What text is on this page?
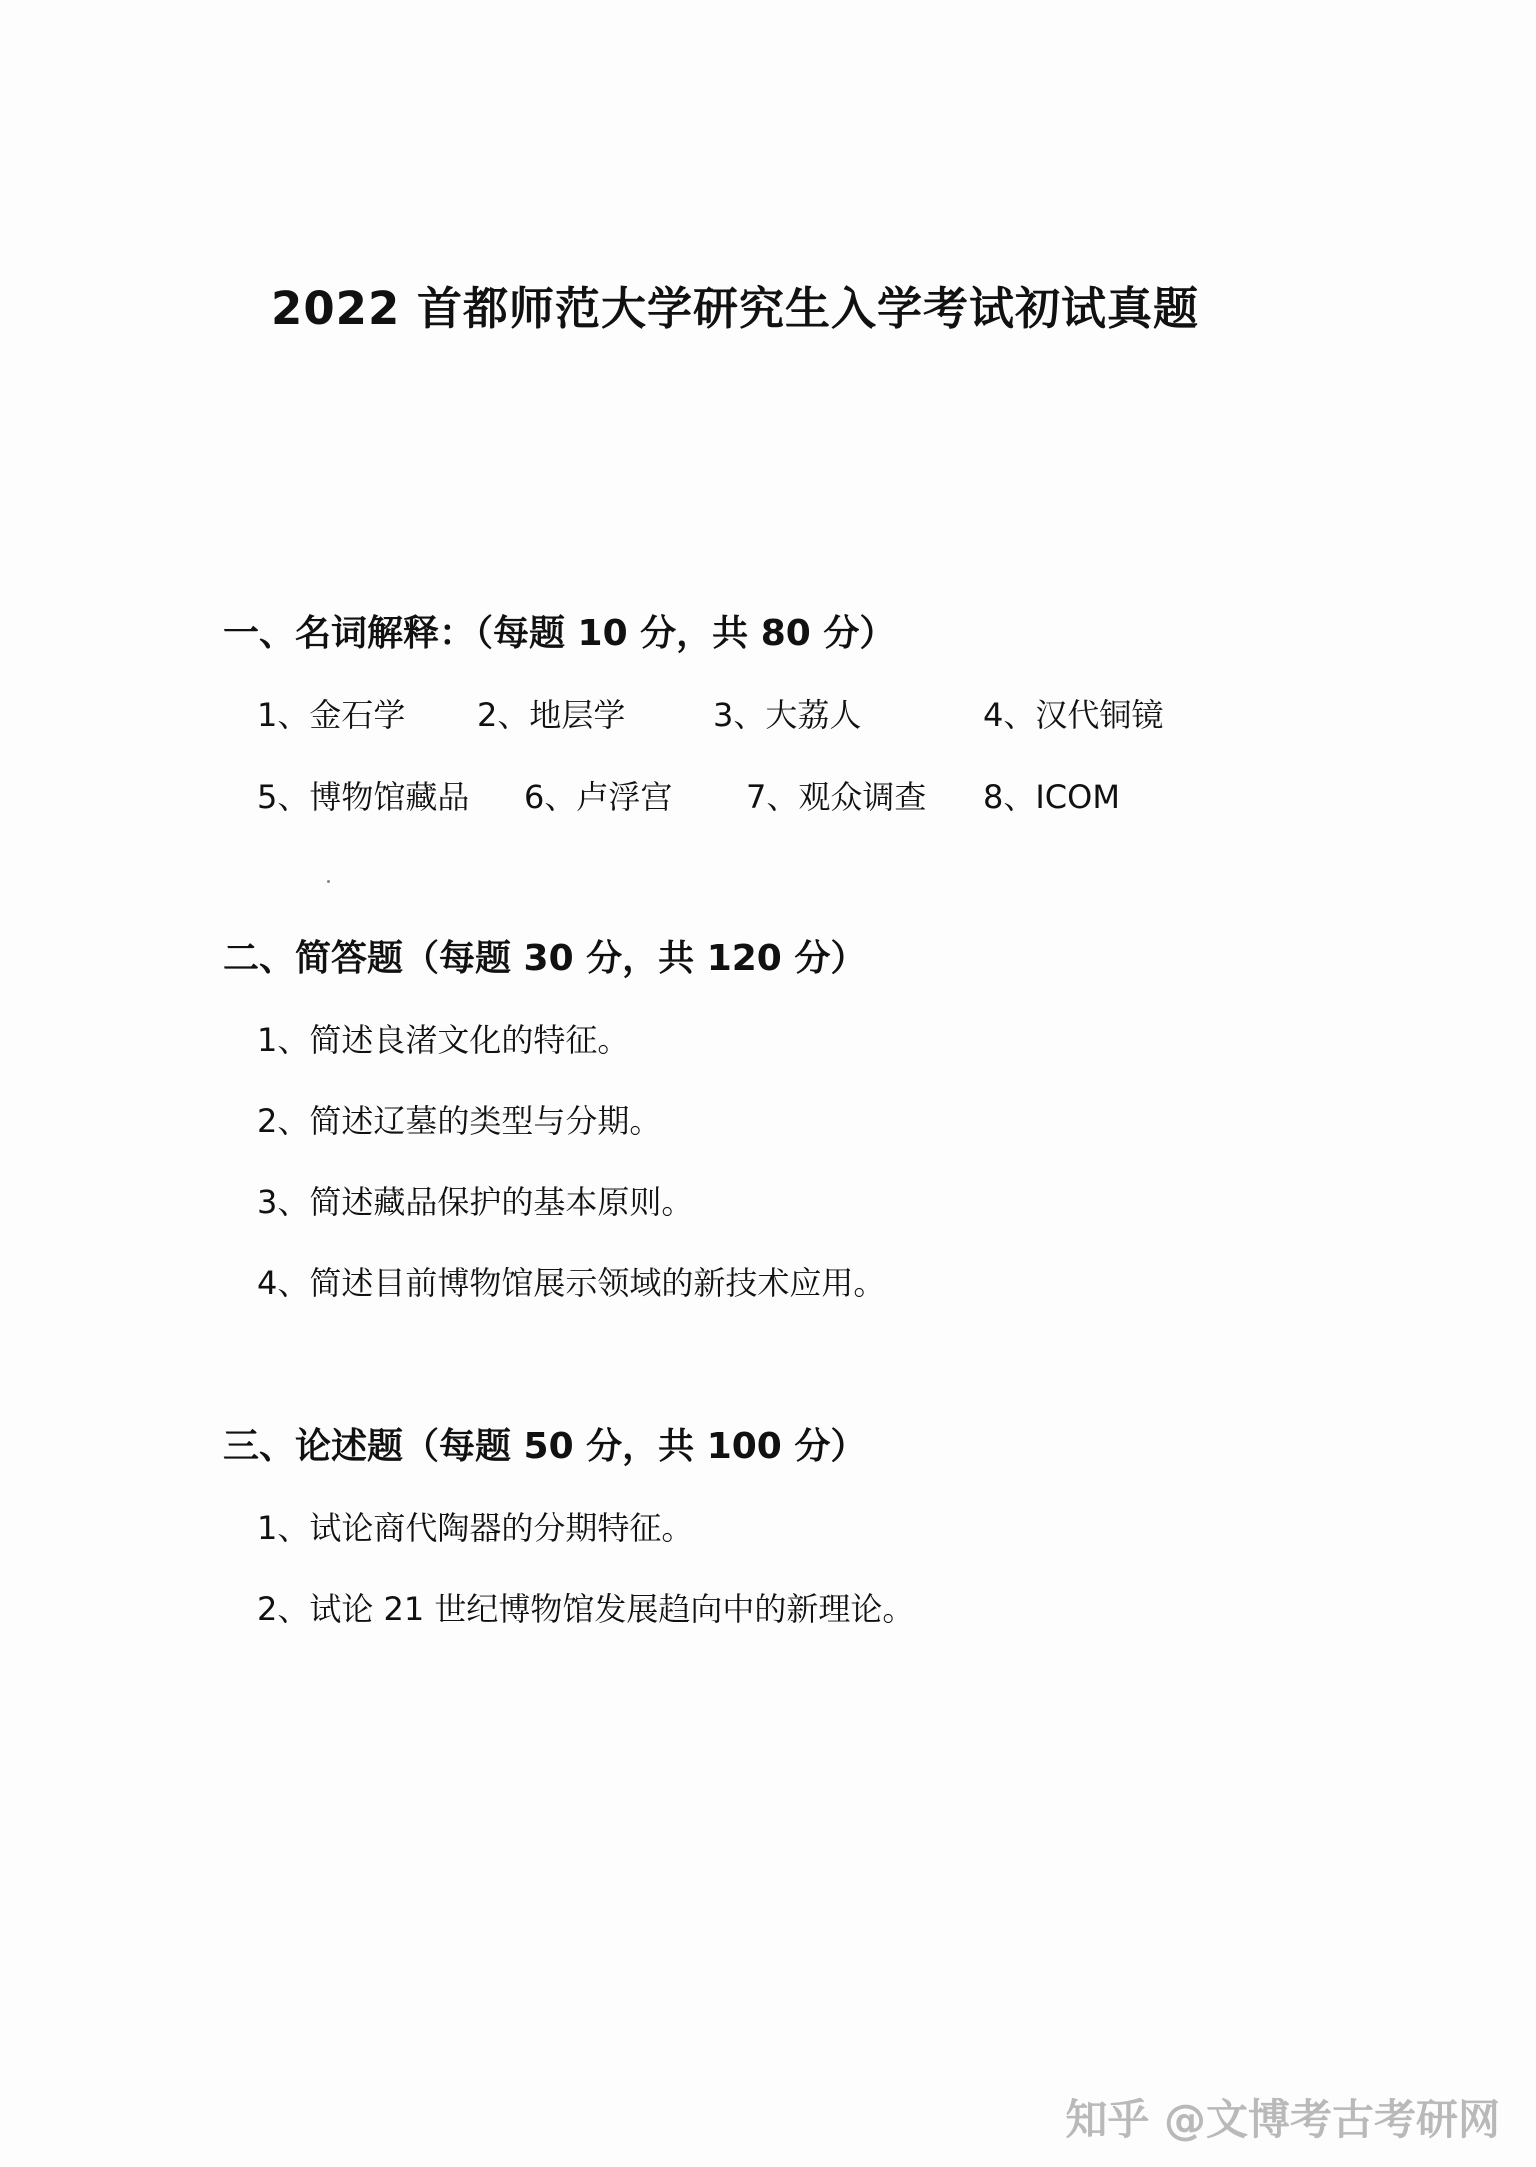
2022 首都师范大学研究生入学考试初试真题
一、名词解释：（每题 10 分，共 80 分）
1、金石学 2、地层学	3、大荔人	4、汉代铜镜
5、博物馆藏品 6、卢浮宫 7、观众调查 8、ICOM
二、简答题（每题 30 分，共 120 分）
1、简述良渚文化的特征。
2、简述辽墓的类型与分期。
3、简述藏品保护的基本原则。
4、简述目前博物馆展示领域的新技术应用。
三、论述题（每题 50 分，共 100 分）
1、试论商代陶器的分期特征。
2、试论 21 世纪博物馆发展趋向中的新理论。
知乎 @文博考古考研网
